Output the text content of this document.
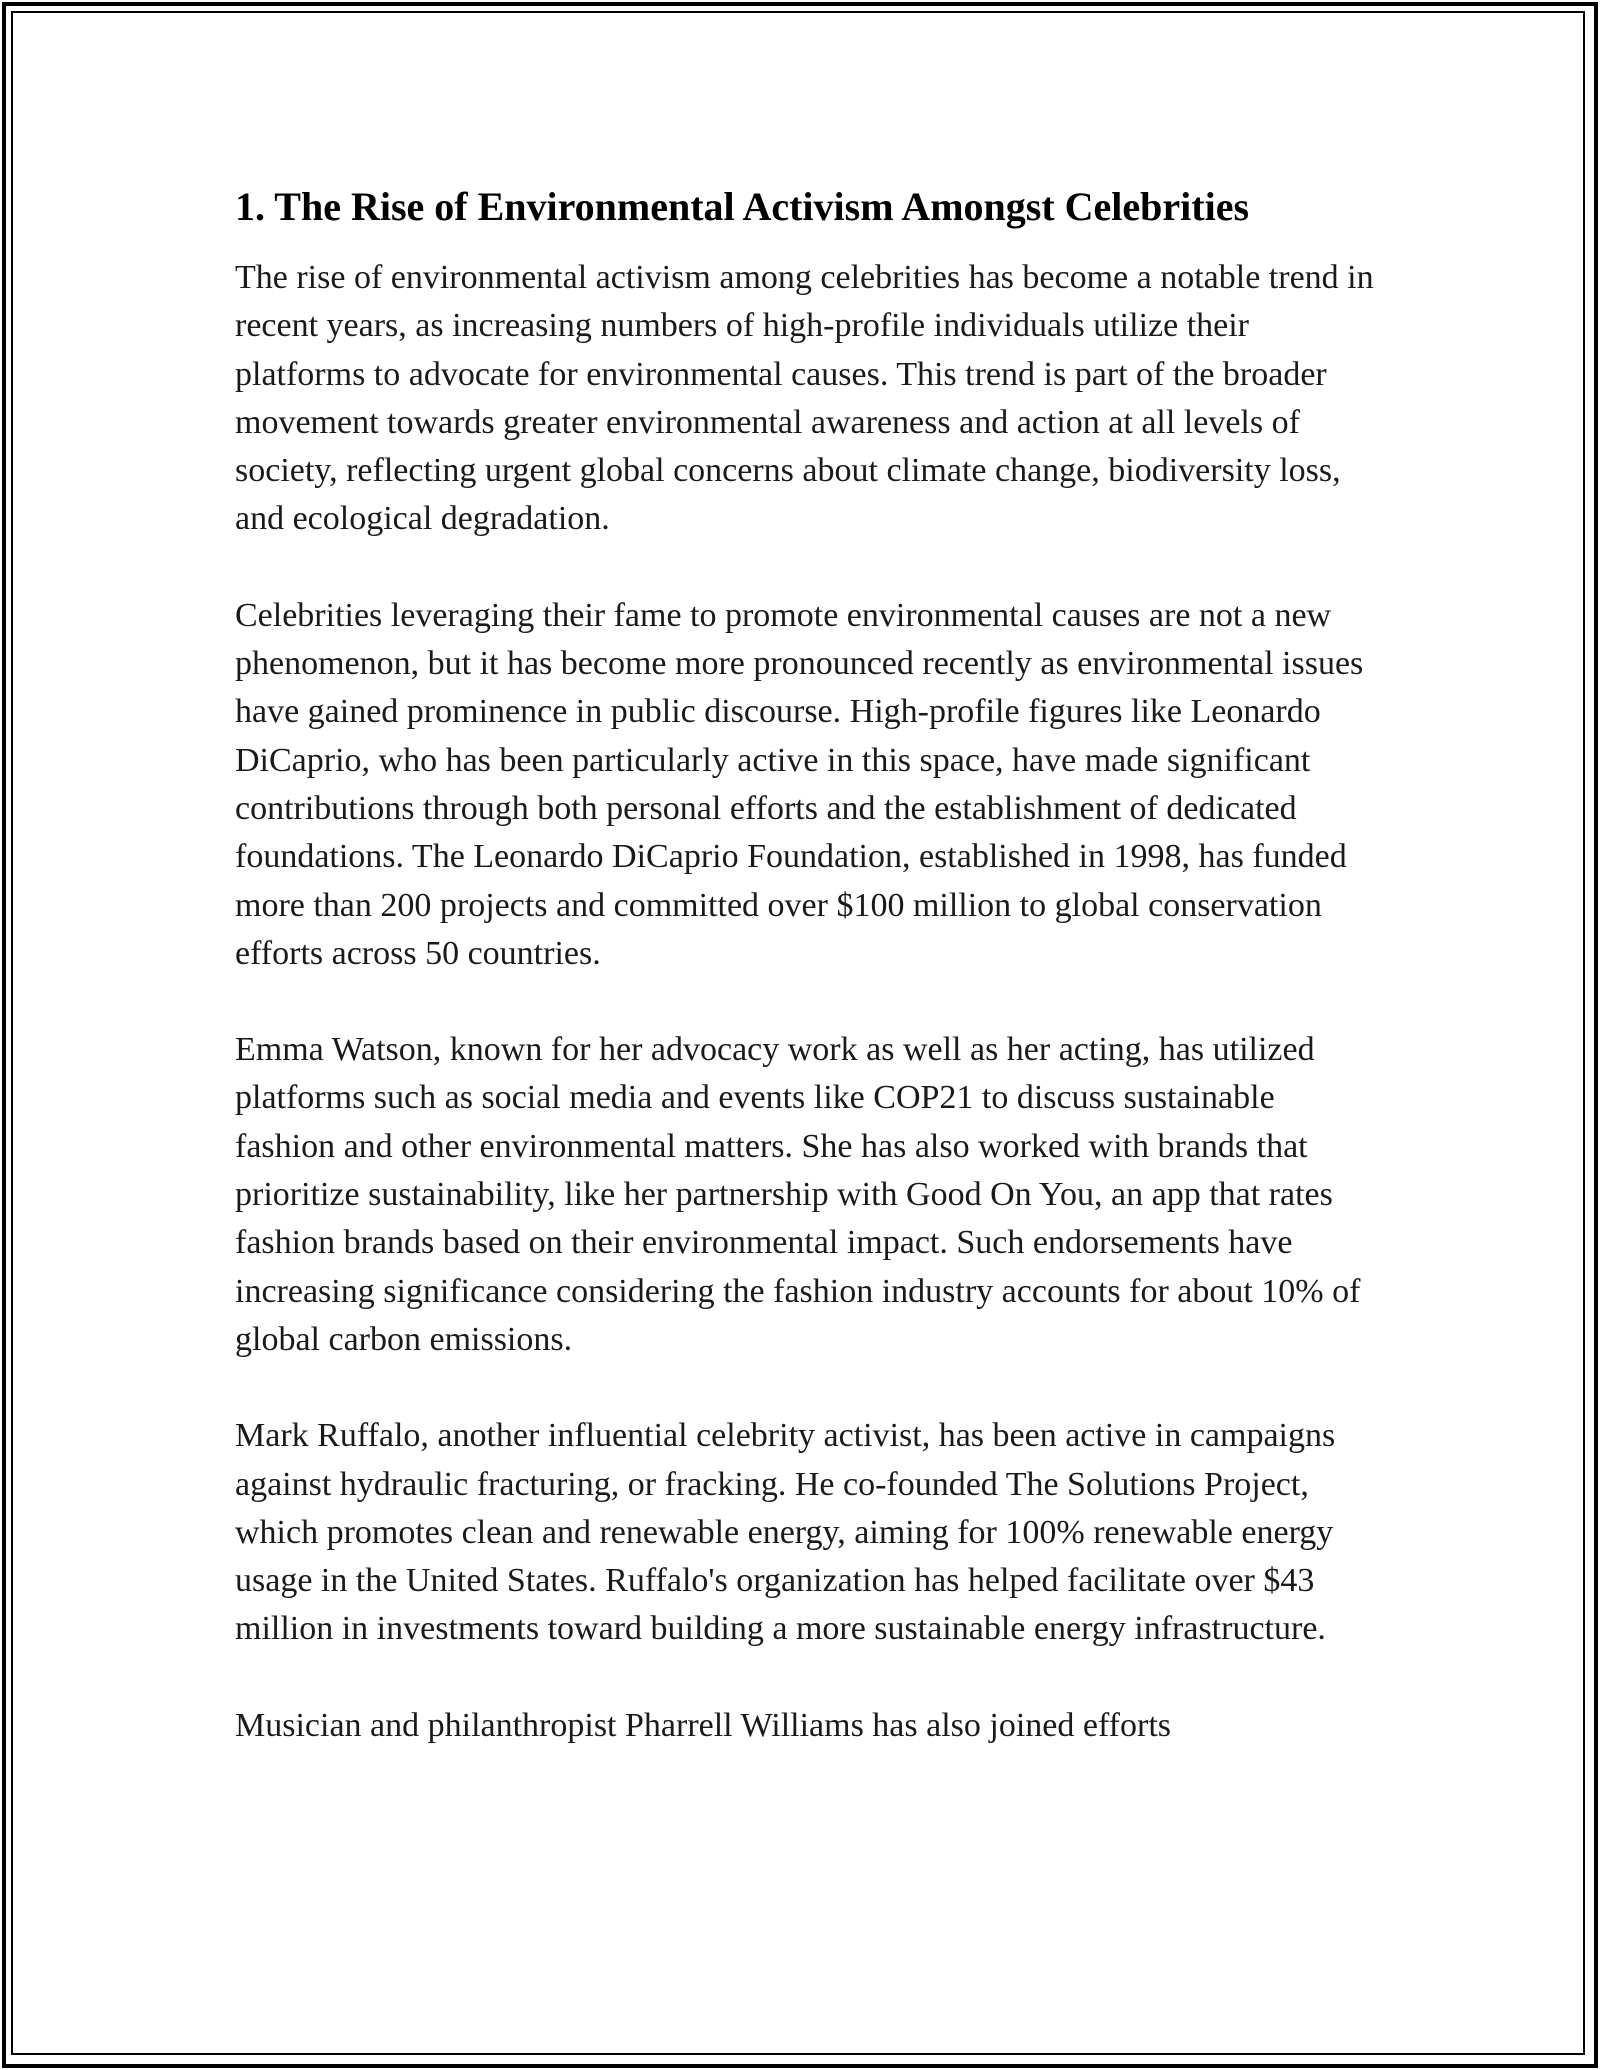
1. The Rise of Environmental Activism Amongst Celebrities

The rise of environmental activism among celebrities has become a notable trend in recent years, as increasing numbers of high-profile individuals utilize their platforms to advocate for environmental causes. This trend is part of the broader movement towards greater environmental awareness and action at all levels of society, reflecting urgent global concerns about climate change, biodiversity loss, and ecological degradation.

Celebrities leveraging their fame to promote environmental causes are not a new phenomenon, but it has become more pronounced recently as environmental issues have gained prominence in public discourse. High-profile figures like Leonardo DiCaprio, who has been particularly active in this space, have made significant contributions through both personal efforts and the establishment of dedicated foundations. The Leonardo DiCaprio Foundation, established in 1998, has funded more than 200 projects and committed over $100 million to global conservation efforts across 50 countries.

Emma Watson, known for her advocacy work as well as her acting, has utilized platforms such as social media and events like COP21 to discuss sustainable fashion and other environmental matters. She has also worked with brands that prioritize sustainability, like her partnership with Good On You, an app that rates fashion brands based on their environmental impact. Such endorsements have increasing significance considering the fashion industry accounts for about 10% of global carbon emissions.

Mark Ruffalo, another influential celebrity activist, has been active in campaigns against hydraulic fracturing, or fracking. He co-founded The Solutions Project, which promotes clean and renewable energy, aiming for 100% renewable energy usage in the United States. Ruffalo's organization has helped facilitate over $43 million in investments toward building a more sustainable energy infrastructure.

Musician and philanthropist Pharrell Williams has also joined efforts
